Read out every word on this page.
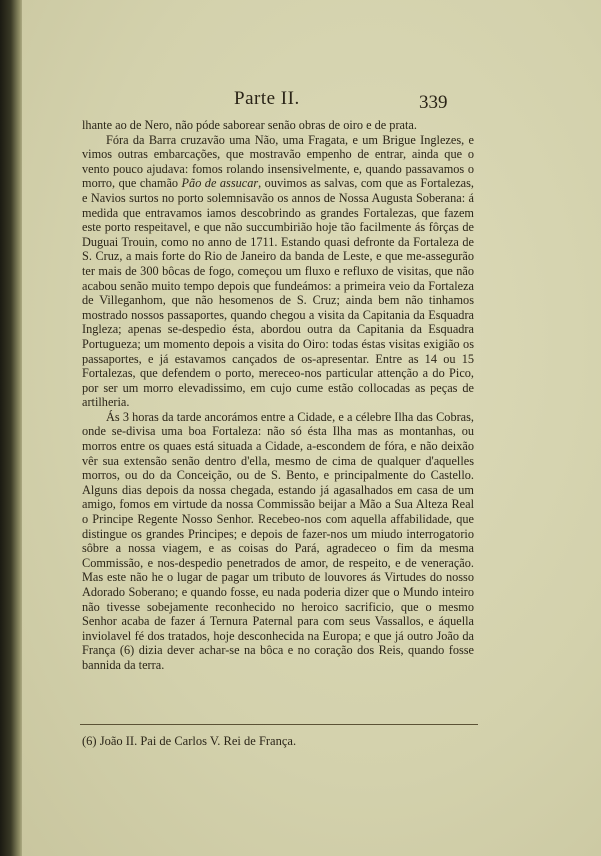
Parte II.	339

lhante ao de Nero, não póde saborear senão obras de oiro e de prata.

Fóra da Barra cruzavão uma Não, uma Fragata, e um Brigue Inglezes, e vimos outras embarcações, que mostravão empenho de entrar, ainda que o vento pouco ajudava: fomos rolando insensivelmente, e, quando passavamos o morro, que chamão Pão de assucar, ouvimos as salvas, com que as Fortalezas, e Navios surtos no porto solemnisavão os annos de Nossa Augusta Soberana: á medida que entravamos iamos descobrindo as grandes Fortalezas, que fazem este porto respeitavel, e que não succumbirião hoje tão facilmente ás fôrças de Duguai Trouin, como no anno de 1711. Estando quasi defronte da Fortaleza de S. Cruz, a mais forte do Rio de Janeiro da banda de Leste, e que me-assegurão ter mais de 300 bôcas de fogo, começou um fluxo e refluxo de visitas, que não acabou senão muito tempo depois que fundeámos: a primeira veio da Fortaleza de Villeganhom, que não hesomenos de S. Cruz; ainda bem não tinhamos mostrado nossos passaportes, quando chegou a visita da Capitania da Esquadra Ingleza; apenas se-despedio ésta, abordou outra da Capitania da Esquadra Portugueza; um momento depois a visita do Oiro: todas éstas visitas exigião os passaportes, e já estavamos cançados de os-apresentar. Entre as 14 ou 15 Fortalezas, que defendem o porto, mereceo-nos particular attenção a do Pico, por ser um morro elevadissimo, em cujo cume estão collocadas as peças de artilheria.

Ás 3 horas da tarde ancorámos entre a Cidade, e a célebre Ilha das Cobras, onde se-divisa uma boa Fortaleza: não só ésta Ilha mas as montanhas, ou morros entre os quaes está situada a Cidade, a-escondem de fóra, e não deixão vêr sua extensão senão dentro d'ella, mesmo de cima de qualquer d'aquelles morros, ou do da Conceição, ou de S. Bento, e principalmente do Castello. Alguns dias depois da nossa chegada, estando já agasalhados em casa de um amigo, fomos em virtude da nossa Commissão beijar a Mão a Sua Alteza Real o Principe Regente Nosso Senhor. Recebeo-nos com aquella affabilidade, que distingue os grandes Principes; e depois de fazer-nos um miudo interrogatorio sôbre a nossa viagem, e as coisas do Pará, agradeceo o fim da mesma Commissão, e nos-despedio penetrados de amor, de respeito, e de veneração. Mas este não he o lugar de pagar um tributo de louvores ás Virtudes do nosso Adorado Soberano; e quando fosse, eu nada poderia dizer que o Mundo inteiro não tivesse sobejamente reconhecido no heroico sacrificio, que o mesmo Senhor acaba de fazer á Ternura Paternal para com seus Vassallos, e áquella inviolavel fé dos tratados, hoje desconhecida na Europa; e que já outro João da França (6) dizia dever achar-se na bôca e no coração dos Reis, quando fosse bannida da terra.

(6) João II. Pai de Carlos V. Rei de França.
